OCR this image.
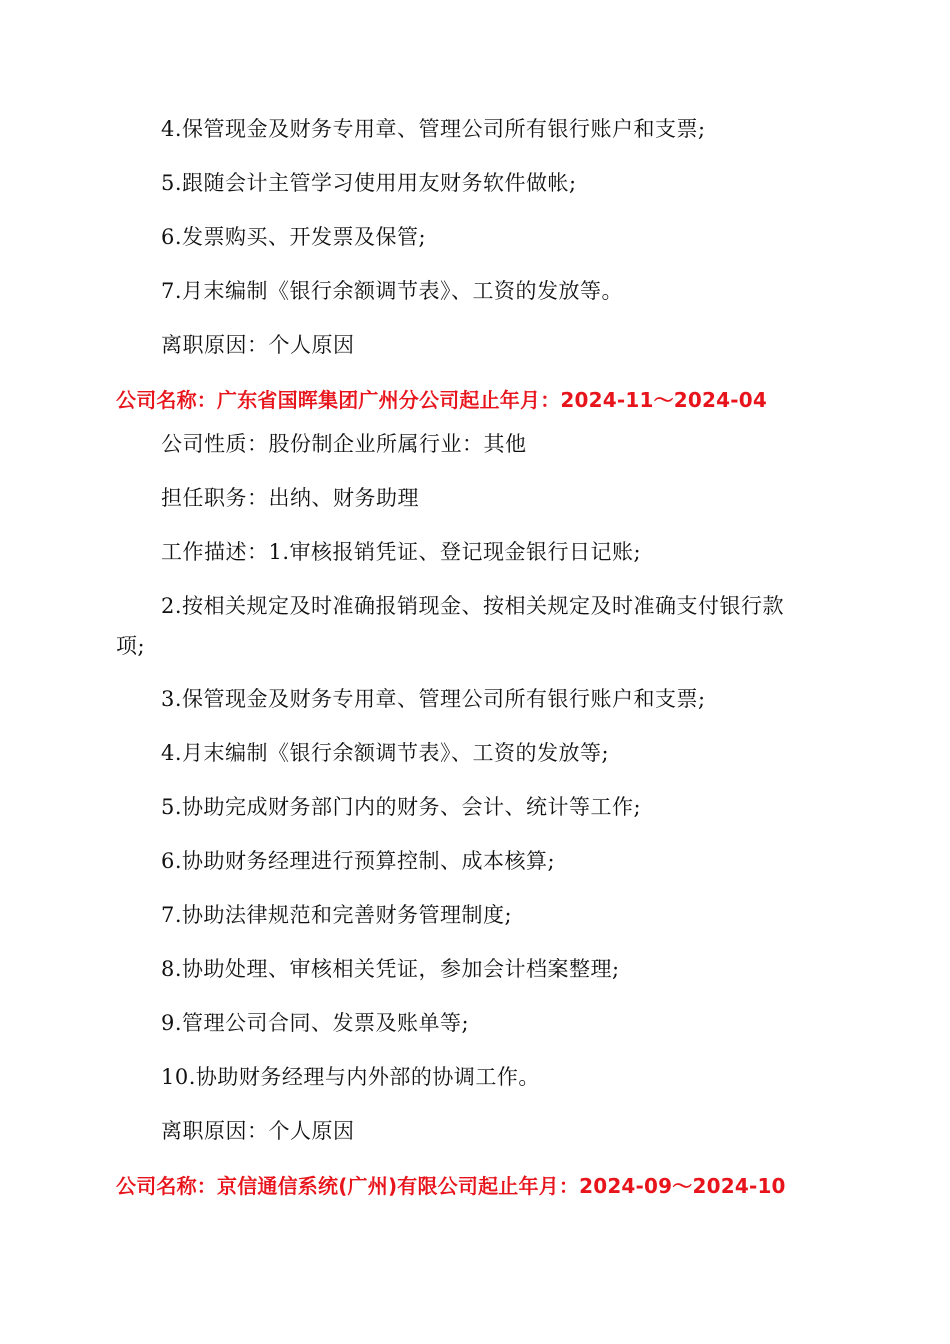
4.保管现金及财务专用章、管理公司所有银行账户和支票;
5.跟随会计主管学习使用用友财务软件做帐;
6.发票购买、开发票及保管;
7.月末编制《银行余额调节表》、工资的发放等。
离职原因：个人原因
公司名称：广东省国晖集团广州分公司起止年月：2024-11～2024-04
公司性质：股份制企业所属行业：其他
担任职务：出纳、财务助理
工作描述：1.审核报销凭证、登记现金银行日记账;
2.按相关规定及时准确报销现金、按相关规定及时准确支付银行款
项;
3.保管现金及财务专用章、管理公司所有银行账户和支票;
4.月末编制《银行余额调节表》、工资的发放等;
5.协助完成财务部门内的财务、会计、统计等工作;
6.协助财务经理进行预算控制、成本核算;
7.协助法律规范和完善财务管理制度;
8.协助处理、审核相关凭证，参加会计档案整理;
9.管理公司合同、发票及账单等;
10.协助财务经理与内外部的协调工作。
离职原因：个人原因
公司名称：京信通信系统(广州)有限公司起止年月：2024-09～2024-10
